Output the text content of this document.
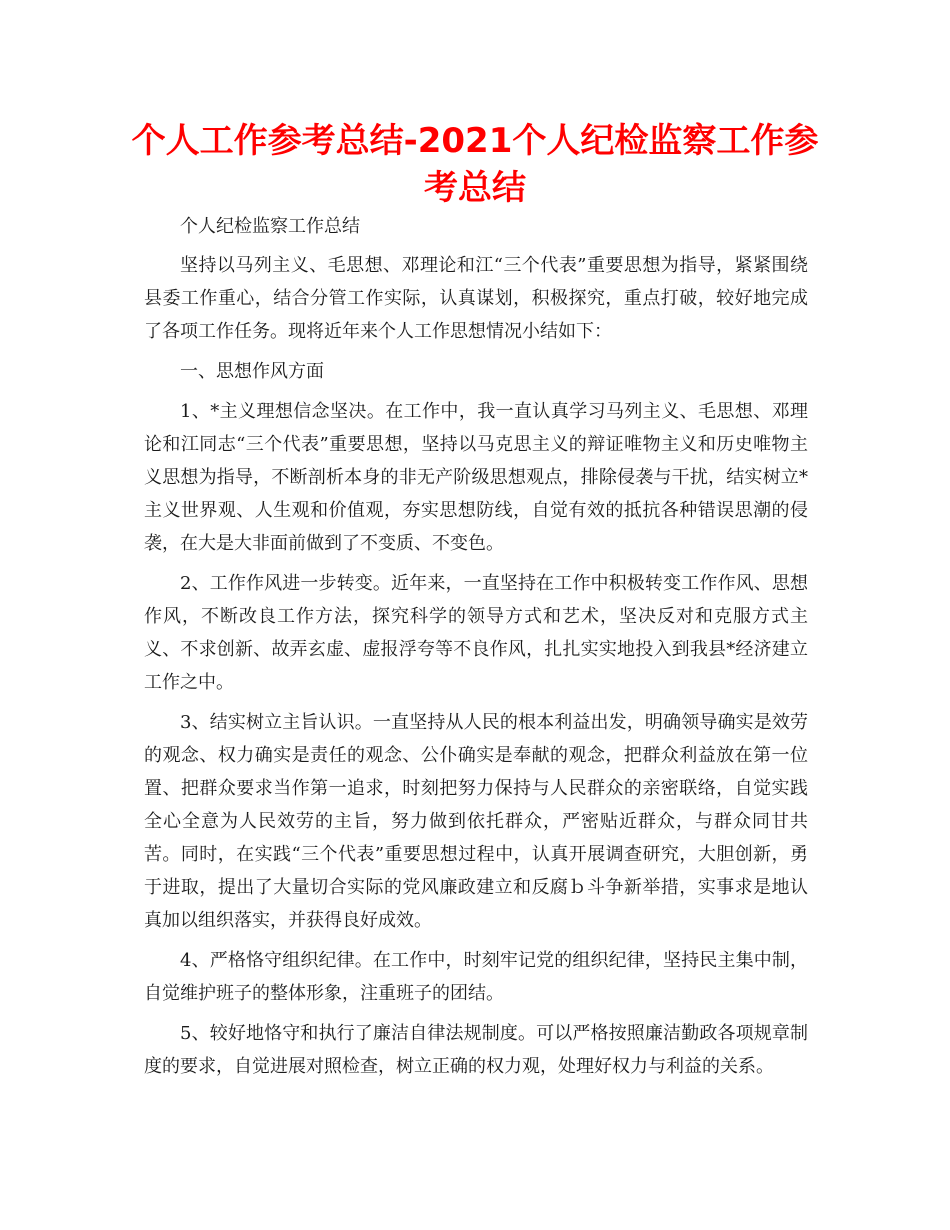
个人工作参考总结-2021个人纪检监察工作参考总结

个人纪检监察工作总结

坚持以马列主义、毛思想、邓理论和江“三个代表”重要思想为指导，紧紧围绕县委工作重心，结合分管工作实际，认真谋划，积极探究，重点打破，较好地完成了各项工作任务。现将近年来个人工作思想情况小结如下：

一、思想作风方面

1、*主义理想信念坚决。在工作中，我一直认真学习马列主义、毛思想、邓理论和江同志“三个代表”重要思想，坚持以马克思主义的辩证唯物主义和历史唯物主义思想为指导，不断剖析本身的非无产阶级思想观点，排除侵袭与干扰，结实树立*主义世界观、人生观和价值观，夯实思想防线，自觉有效的抵抗各种错误思潮的侵袭，在大是大非面前做到了不变质、不变色。

2、工作作风进一步转变。近年来，一直坚持在工作中积极转变工作作风、思想作风，不断改良工作方法，探究科学的领导方式和艺术，坚决反对和克服方式主义、不求创新、故弄玄虚、虚报浮夸等不良作风，扎扎实实地投入到我县*经济建立工作之中。

3、结实树立主旨认识。一直坚持从人民的根本利益出发，明确领导确实是效劳的观念、权力确实是责任的观念、公仆确实是奉献的观念，把群众利益放在第一位置、把群众要求当作第一追求，时刻把努力保持与人民群众的亲密联络，自觉实践全心全意为人民效劳的主旨，努力做到依托群众，严密贴近群众，与群众同甘共苦。同时，在实践“三个代表”重要思想过程中，认真开展调查研究，大胆创新，勇于进取，提出了大量切合实际的党风廉政建立和反腐ｂ斗争新举措，实事求是地认真加以组织落实，并获得良好成效。

4、严格恪守组织纪律。在工作中，时刻牢记党的组织纪律，坚持民主集中制，自觉维护班子的整体形象，注重班子的团结。

5、较好地恪守和执行了廉洁自律法规制度。可以严格按照廉洁勤政各项规章制度的要求，自觉进展对照检查，树立正确的权力观，处理好权力与利益的关系。
